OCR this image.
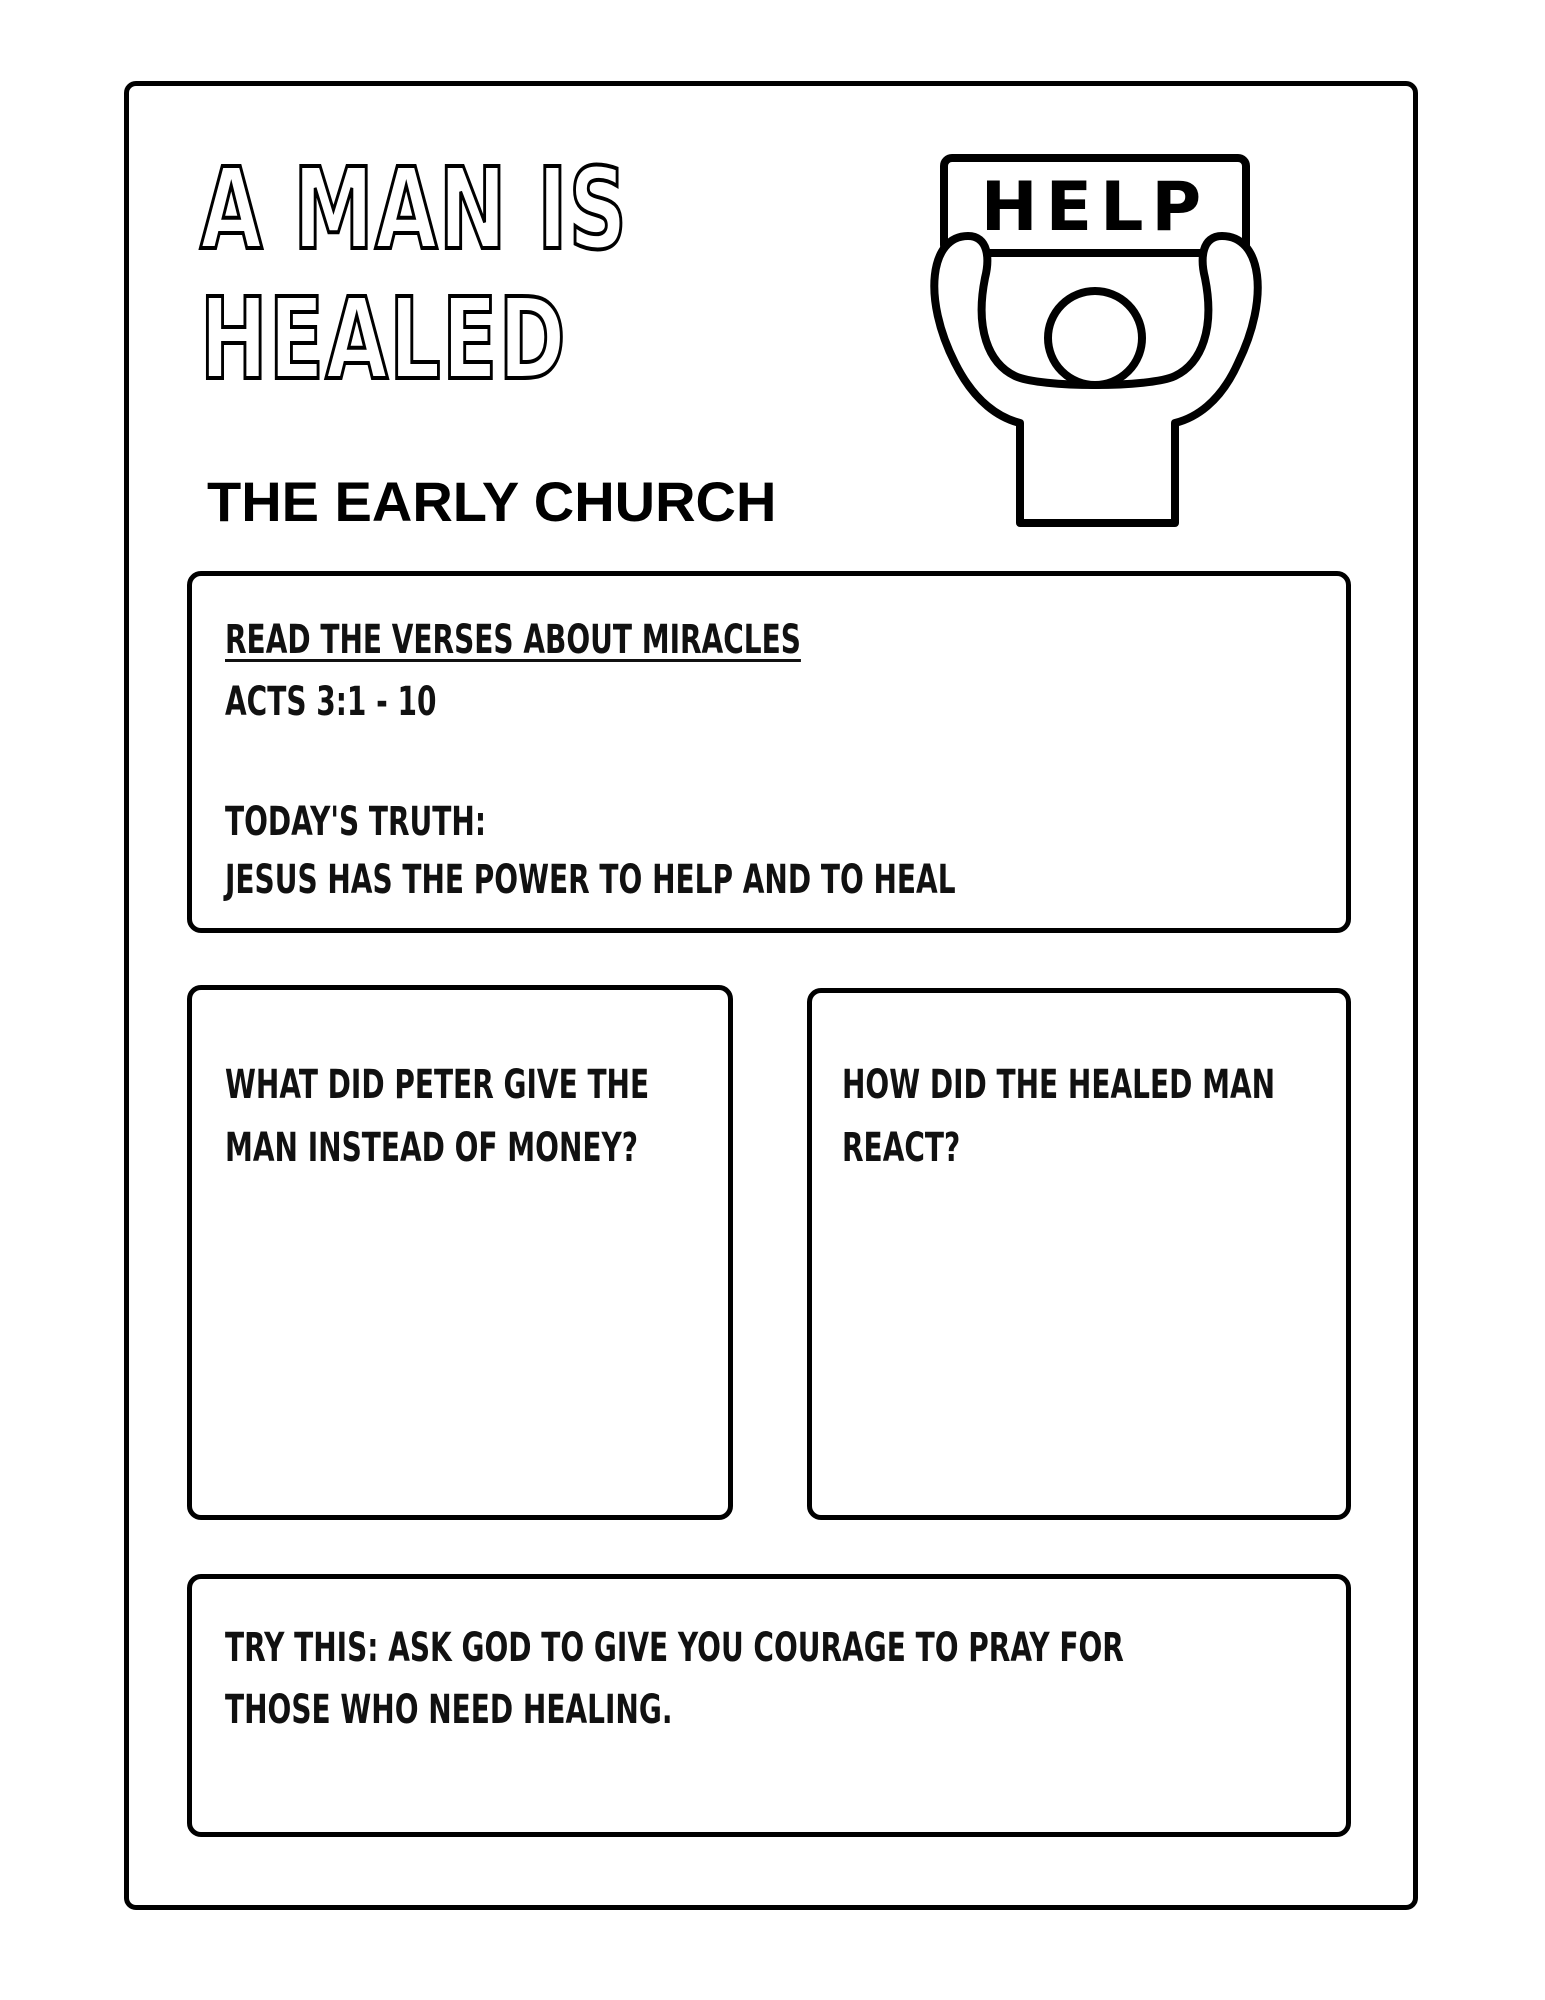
A MAN IS
HEALED
THE EARLY CHURCH
HELP

READ THE VERSES ABOUT MIRACLES

ACTS 3:1 - 10

TODAY'S TRUTH:

JESUS HAS THE POWER TO HELP AND TO HEAL

WHAT DID PETER GIVE THE

MAN INSTEAD OF MONEY?

HOW DID THE HEALED MAN

REACT?

TRY THIS: ASK GOD TO GIVE YOU COURAGE TO PRAY FOR

THOSE WHO NEED HEALING.
